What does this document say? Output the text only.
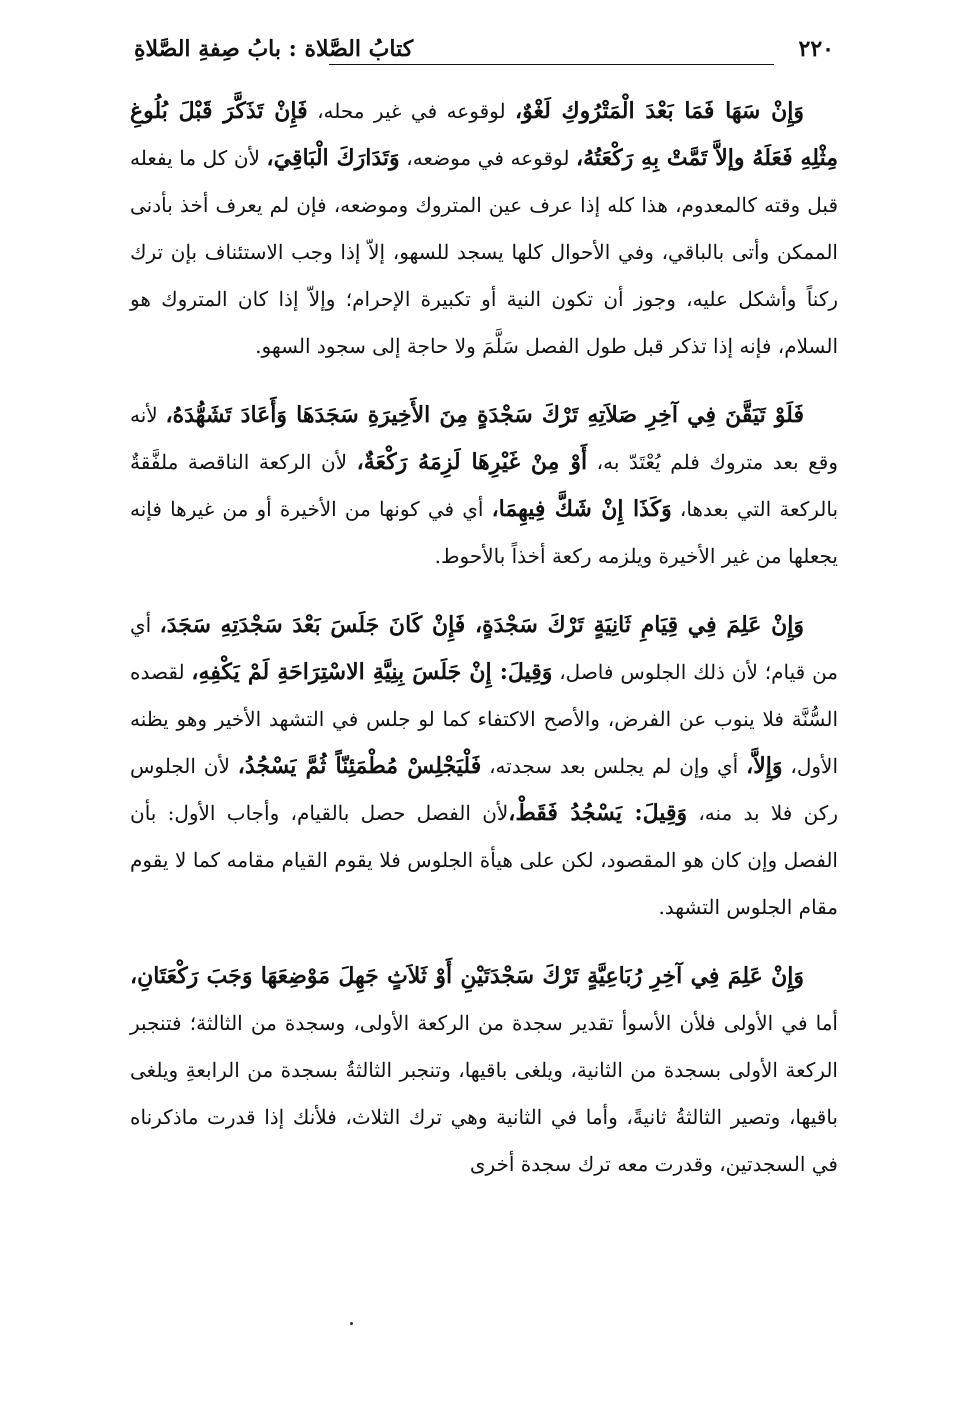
٢٢٠
كتابُ الصَّلاة : بابُ صِفةِ الصَّلاةِ

وَإِنْ سَهَا فَمَا بَعْدَ الْمَتْرُوكِ لَغْوٌ، لوقوعه في غير محله، فَإِنْ تَذَكَّرَ قَبْلَ بُلُوغِ مِثْلِهِ فَعَلَهُ وإلاَّ تَمَّتْ بِهِ رَكْعَتُهُ، لوقوعه في موضعه، وَتَدَارَكَ الْبَاقِيَ، لأن كل ما يفعله قبل وقته كالمعدوم، هذا كله إذا عرف عين المتروك وموضعه، فإن لم يعرف أخذ بأدنى الممكن وأتى بالباقي، وفي الأحوال كلها يسجد للسهو، إلاّ إذا وجب الاستئناف بإن ترك ركناً وأشكل عليه، وجوز أن تكون النية أو تكبيرة الإحرام؛ وإلاّ إذا كان المتروك هو السلام، فإنه إذا تذكر قبل طول الفصل سَلَّمَ ولا حاجة إلى سجود السهو.

فَلَوْ تَيَقَّنَ فِي آخِرِ صَلاَتِهِ تَرْكَ سَجْدَةٍ مِنَ الأَخِيرَةِ سَجَدَهَا وَأَعَادَ تَشَهُّدَهُ، لأنه وقع بعد متروك فلم يُعْتَدّ به، أَوْ مِنْ غَيْرِهَا لَزِمَهُ رَكْعَةٌ، لأن الركعة الناقصة ملفَّقةٌ بالركعة التي بعدها، وَكَذَا إِنْ شَكَّ فِيهِمَا، أي في كونها من الأخيرة أو من غيرها فإنه يجعلها من غير الأخيرة ويلزمه ركعة أخذاً بالأحوط.

وَإِنْ عَلِمَ فِي قِيَامِ ثَانِيَةٍ تَرْكَ سَجْدَةٍ، فَإِنْ كَانَ جَلَسَ بَعْدَ سَجْدَتِهِ سَجَدَ، أي من قيام؛ لأن ذلك الجلوس فاصل، وَقِيلَ: إِنْ جَلَسَ بِنِيَّةِ الاسْتِرَاحَةِ لَمْ يَكْفِهِ، لقصده السُّنَّة فلا ينوب عن الفرض، والأصح الاكتفاء كما لو جلس في التشهد الأخير وهو يظنه الأول، وَإِلاَّ، أي وإن لم يجلس بعد سجدته، فَلْيَجْلِسْ مُطْمَئِنّاً ثُمَّ يَسْجُدُ، لأن الجلوس ركن فلا بد منه، وَقِيلَ: يَسْجُدُ فَقَطْ،لأن الفصل حصل بالقيام، وأجاب الأول: بأن الفصل وإن كان هو المقصود، لكن على هيأة الجلوس فلا يقوم القيام مقامه كما لا يقوم مقام الجلوس التشهد.

وَإِنْ عَلِمَ فِي آخِرِ رُبَاعِيَّةٍ تَرْكَ سَجْدَتَيْنِ أَوْ ثَلاَثٍ جَهِلَ مَوْضِعَهَا وَجَبَ رَكْعَتَانِ، أما في الأولى فلأن الأسوأ تقدير سجدة من الركعة الأولى، وسجدة من الثالثة؛ فتنجبر الركعة الأولى بسجدة من الثانية، ويلغى باقيها، وتنجبر الثالثةُ بسجدة من الرابعةِ ويلغى باقيها، وتصير الثالثةُ ثانيةً، وأما في الثانية وهي ترك الثلاث، فلأنك إذا قدرت ماذكرناه في السجدتين، وقدرت معه ترك سجدة أخرى
